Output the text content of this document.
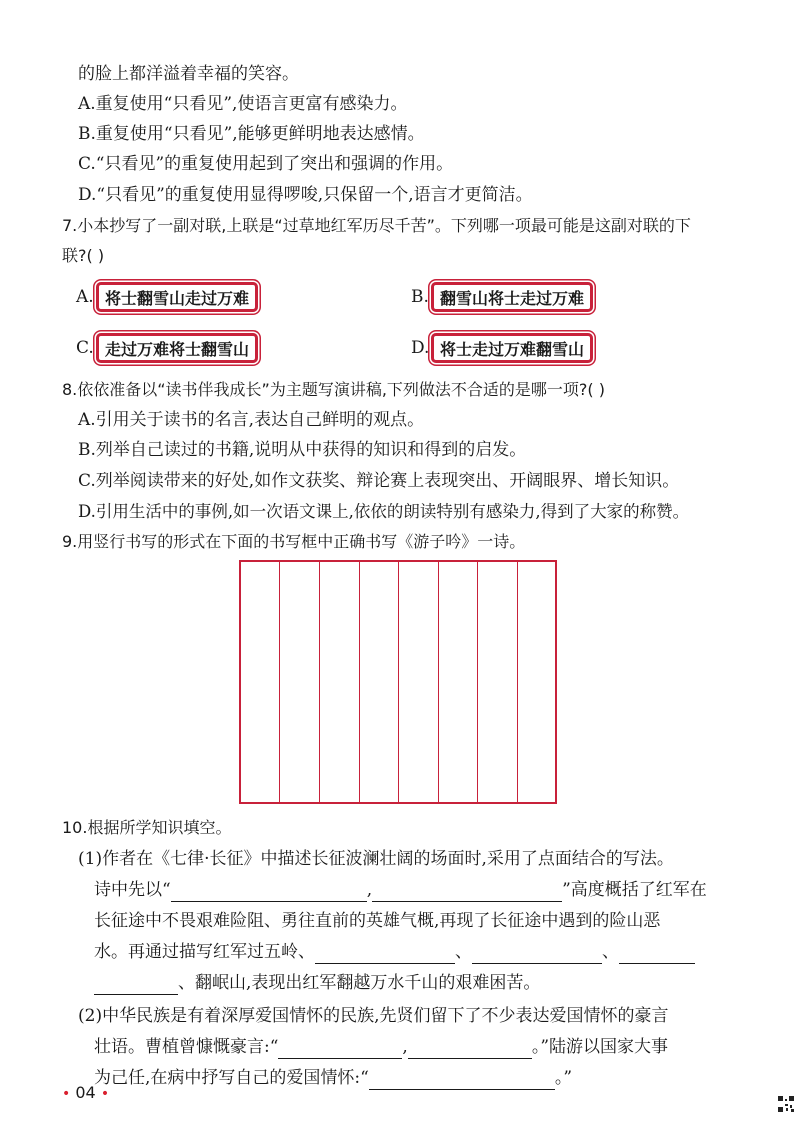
的脸上都洋溢着幸福的笑容。
A.重复使用“只看见”,使语言更富有感染力。
B.重复使用“只看见”,能够更鲜明地表达感情。
C.“只看见”的重复使用起到了突出和强调的作用。
D.“只看见”的重复使用显得啰唆,只保留一个,语言才更简洁。
7.小本抄写了一副对联,上联是“过草地红军历尽千苦”。下列哪一项最可能是这副对联的下
联?( )
A. 将士翻雪山走过万难	B. 翻雪山将士走过万难
C. 走过万难将士翻雪山	D. 将士走过万难翻雪山
8.依依准备以“读书伴我成长”为主题写演讲稿,下列做法不合适的是哪一项?( )
A.引用关于读书的名言,表达自己鲜明的观点。
B.列举自己读过的书籍,说明从中获得的知识和得到的启发。
C.列举阅读带来的好处,如作文获奖、辩论赛上表现突出、开阔眼界、增长知识。
D.引用生活中的事例,如一次语文课上,依依的朗读特别有感染力,得到了大家的称赞。
9.用竖行书写的形式在下面的书写框中正确书写《游子吟》一诗。
10.根据所学知识填空。
(1)作者在《七律·长征》中描述长征波澜壮阔的场面时,采用了点面结合的写法。
诗中先以“	,	”高度概括了红军在
长征途中不畏艰难险阻、勇往直前的英雄气概,再现了长征途中遇到的险山恶
水。再通过描写红军过五岭、	、	、
、翻岷山,表现出红军翻越万水千山的艰难困苦。
(2)中华民族是有着深厚爱国情怀的民族,先贤们留下了不少表达爱国情怀的豪言
壮语。曹植曾慷慨豪言:“	,	。”陆游以国家大事
为己任,在病中抒写自己的爱国情怀:“	。”
• 04 •
